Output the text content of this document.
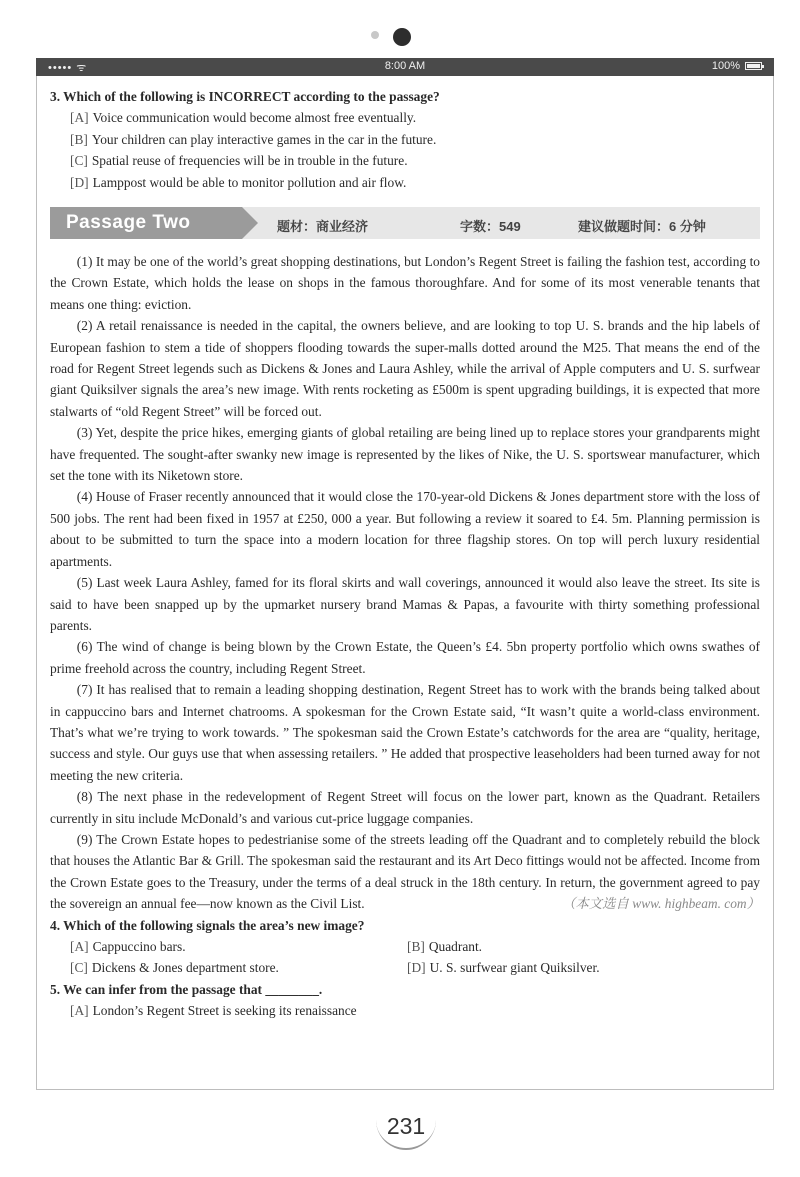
••••• ᯤ	8:00 AM	100%
3. Which of the following is INCORRECT according to the passage?
[A] Voice communication would become almost free eventually.
[B] Your children can play interactive games in the car in the future.
[C] Spatial reuse of frequencies will be in trouble in the future.
[D] Lamppost would be able to monitor pollution and air flow.
Passage Two	题材：商业经济	字数：549	建议做题时间：6 分钟

(1) It may be one of the world’s great shopping destinations, but London’s Regent Street is failing the fashion test, according to the Crown Estate, which holds the lease on shops in the famous thoroughfare. And for some of its most venerable tenants that means one thing: eviction.

(2) A retail renaissance is needed in the capital, the owners believe, and are looking to top U. S. brands and the hip labels of European fashion to stem a tide of shoppers flooding towards the super-malls dotted around the M25. That means the end of the road for Regent Street legends such as Dickens & Jones and Laura Ashley, while the arrival of Apple computers and U. S. surfwear giant Quiksilver signals the area’s new image. With rents rocketing as £500m is spent upgrading buildings, it is expected that more stalwarts of “old Regent Street” will be forced out.

(3) Yet, despite the price hikes, emerging giants of global retailing are being lined up to replace stores your grandparents might have frequented. The sought-after swanky new image is represented by the likes of Nike, the U. S. sportswear manufacturer, which set the tone with its Niketown store.

(4) House of Fraser recently announced that it would close the 170-year-old Dickens & Jones department store with the loss of 500 jobs. The rent had been fixed in 1957 at £250, 000 a year. But following a review it soared to £4. 5m. Planning permission is about to be submitted to turn the space into a modern location for three flagship stores. On top will perch luxury residential apartments.

(5) Last week Laura Ashley, famed for its floral skirts and wall coverings, announced it would also leave the street. Its site is said to have been snapped up by the upmarket nursery brand Mamas & Papas, a favourite with thirty something professional parents.

(6) The wind of change is being blown by the Crown Estate, the Queen’s £4. 5bn property portfolio which owns swathes of prime freehold across the country, including Regent Street.

(7) It has realised that to remain a leading shopping destination, Regent Street has to work with the brands being talked about in cappuccino bars and Internet chatrooms. A spokesman for the Crown Estate said, “It wasn’t quite a world-class environment. That’s what we’re trying to work towards. ” The spokesman said the Crown Estate’s catchwords for the area are “quality, heritage, success and style. Our guys use that when assessing retailers. ” He added that prospective leaseholders had been turned away for not meeting the new criteria.

(8) The next phase in the redevelopment of Regent Street will focus on the lower part, known as the Quadrant. Retailers currently in situ include McDonald’s and various cut-price luggage companies.

(9) The Crown Estate hopes to pedestrianise some of the streets leading off the Quadrant and to completely rebuild the block that houses the Atlantic Bar & Grill. The spokesman said the restaurant and its Art Deco fittings would not be affected. Income from the Crown Estate goes to the Treasury, under the terms of a deal struck in the 18th century. In return, the government agreed to pay the sovereign an annual fee—now known as the Civil List.	（本文选自 www. highbeam. com）
4. Which of the following signals the area’s new image?
[A] Cappuccino bars.	[B] Quadrant.
[C] Dickens & Jones department store.	[D] U. S. surfwear giant Quiksilver.
5. We can infer from the passage that ________.
[A] London’s Regent Street is seeking its renaissance
231
